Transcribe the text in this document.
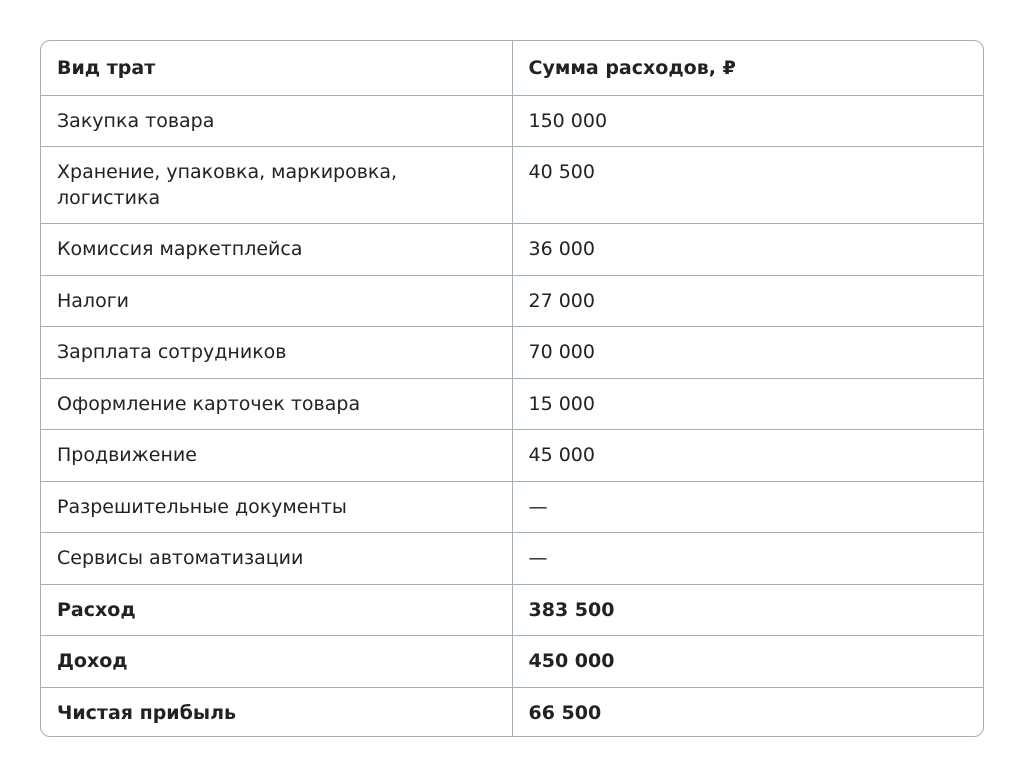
Вид трат	Сумма расходов, ₽
Закупка товара	150 000
Хранение, упаковка, маркировка, логистика	40 500
Комиссия маркетплейса	36 000
Налоги	27 000
Зарплата сотрудников	70 000
Оформление карточек товара	15 000
Продвижение	45 000
Разрешительные документы	—
Сервисы автоматизации	—
Расход	383 500
Доход	450 000
Чистая прибыль	66 500
